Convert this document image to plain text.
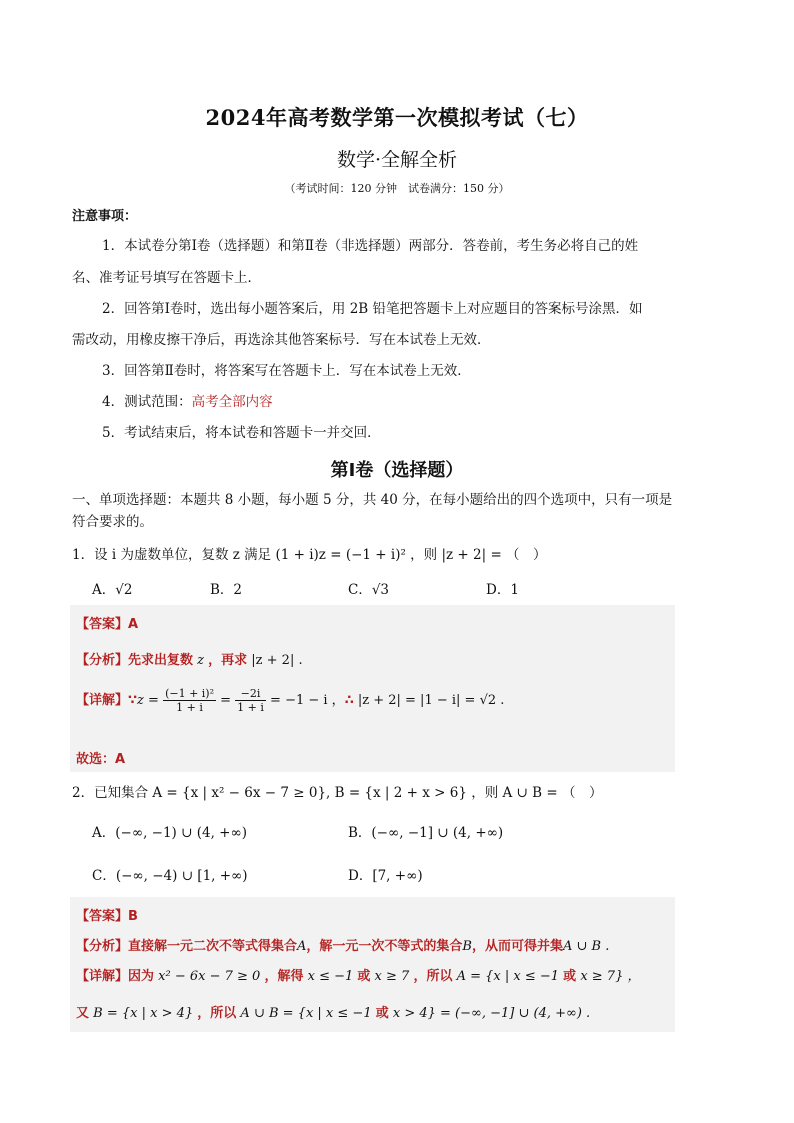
2024年高考数学第一次模拟考试（七）
数学·全解全析
（考试时间：120 分钟　试卷满分：150 分）
注意事项：
1．本试卷分第Ⅰ卷（选择题）和第Ⅱ卷（非选择题）两部分．答卷前，考生务必将自己的姓
名、准考证号填写在答题卡上．
2．回答第Ⅰ卷时，选出每小题答案后，用 2B 铅笔把答题卡上对应题目的答案标号涂黑．如
需改动，用橡皮擦干净后，再选涂其他答案标号．写在本试卷上无效．
3．回答第Ⅱ卷时，将答案写在答题卡上．写在本试卷上无效．
4．测试范围：高考全部内容
5．考试结束后，将本试卷和答题卡一并交回．
第Ⅰ卷（选择题）
一、单项选择题：本题共 8 小题，每小题 5 分，共 40 分，在每小题给出的四个选项中，只有一项是
符合要求的。
1．设 i 为虚数单位，复数 z 满足 (1 + i)z = (−1 + i)² ，则 |z + 2| = （　）
A．√2	B．2	C．√3	D．1
【答案】A
【分析】先求出复数 z ，再求 |z + 2| .
【详解】∵z = $\frac{\text{(−1 + i)²}}{1 + i} = \frac{-2i}{1 + i} = -1 - i$ ，∴ |z + 2| = |1 − i| = √2 .
故选：A
2．已知集合 A = {x | x² − 6x − 7 ≥ 0}, B = {x | 2 + x > 6} ，则 A ∪ B = （　）
A．(−∞, −1) ∪ (4, +∞)	B．(−∞, −1] ∪ (4, +∞)
C．(−∞, −4) ∪ [1, +∞)	D．[7, +∞)
【答案】B
【分析】直接解一元二次不等式得集合A，解一元一次不等式的集合B，从而可得并集A ∪ B .
【详解】因为 x² − 6x − 7 ≥ 0 ，解得 x ≤ −1 或 x ≥ 7 ，所以 A = {x | x ≤ −1 或 x ≥ 7} ，
又 B = {x | x > 4} ，所以 A ∪ B = {x | x ≤ −1 或 x > 4} = (−∞, −1] ∪ (4, +∞) .
